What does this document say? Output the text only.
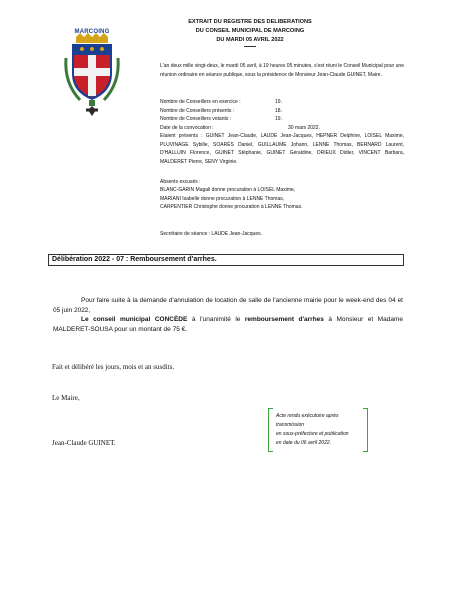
EXTRAIT DU REGISTRE DES DELIBERATIONS
DU CONSEIL MUNICIPAL DE MARCOING
DU MARDI 05 AVRIL 2022
MARCOING
L'an deux mille vingt-deux, le mardi 05 avril, à 19 heures 05 minutes, s'est réuni le Conseil Municipal pour une réunion ordinaire en séance publique, sous la présidence de Monsieur Jean-Claude GUINET, Maire.
Nombre de Conseillers en exercice :	19.
Nombre de Conseillers présents :	18.
Nombre de Conseillers votants :	19.
Date de la convocation :	30 mars 2022.
Etaient présents : GUINET Jean-Claude, LAUDE Jean-Jacques, HEPNER Delphine, LOISEL Maxime, PLUVINAGE Sybille, SOARÈS Daniel, GUILLAUME Johann, LENNE Thomas, BERNARD Laurent, D'HALLUIN Florence, GUINET Stéphanie, GUINET Géraldine, DRIEUX Didier, VINCENT Barbara, MALDERET Pierre, SENY Virginie.
Absents excusés :
BLANC-GARIN Magali donne procuration à LOISEL Maxime,
MARIANI Isabelle donne procuration à LENNE Thomas,
CARPENTIER Christophe donne procuration à LENNE Thomas.
Secrétaire de séance : LAUDE Jean-Jacques.
Délibération 2022 - 07 : Remboursement d'arrhes.

Pour faire suite à la demande d'annulation de location de salle de l'ancienne mairie pour le week-end des 04 et 05 juin 2022,

Le conseil municipal CONCÈDE à l'unanimité le remboursement d'arrhes à Monsieur et Madame MALDERET-SOUSA pour un montant de 75 €.

Fait et délibéré les jours, mois et an susdits.
Le Maire,
Jean-Claude GUINET.
Acte rendu exécutoire après transmission
en sous-préfecture et publication
en date du 06 avril 2022.
